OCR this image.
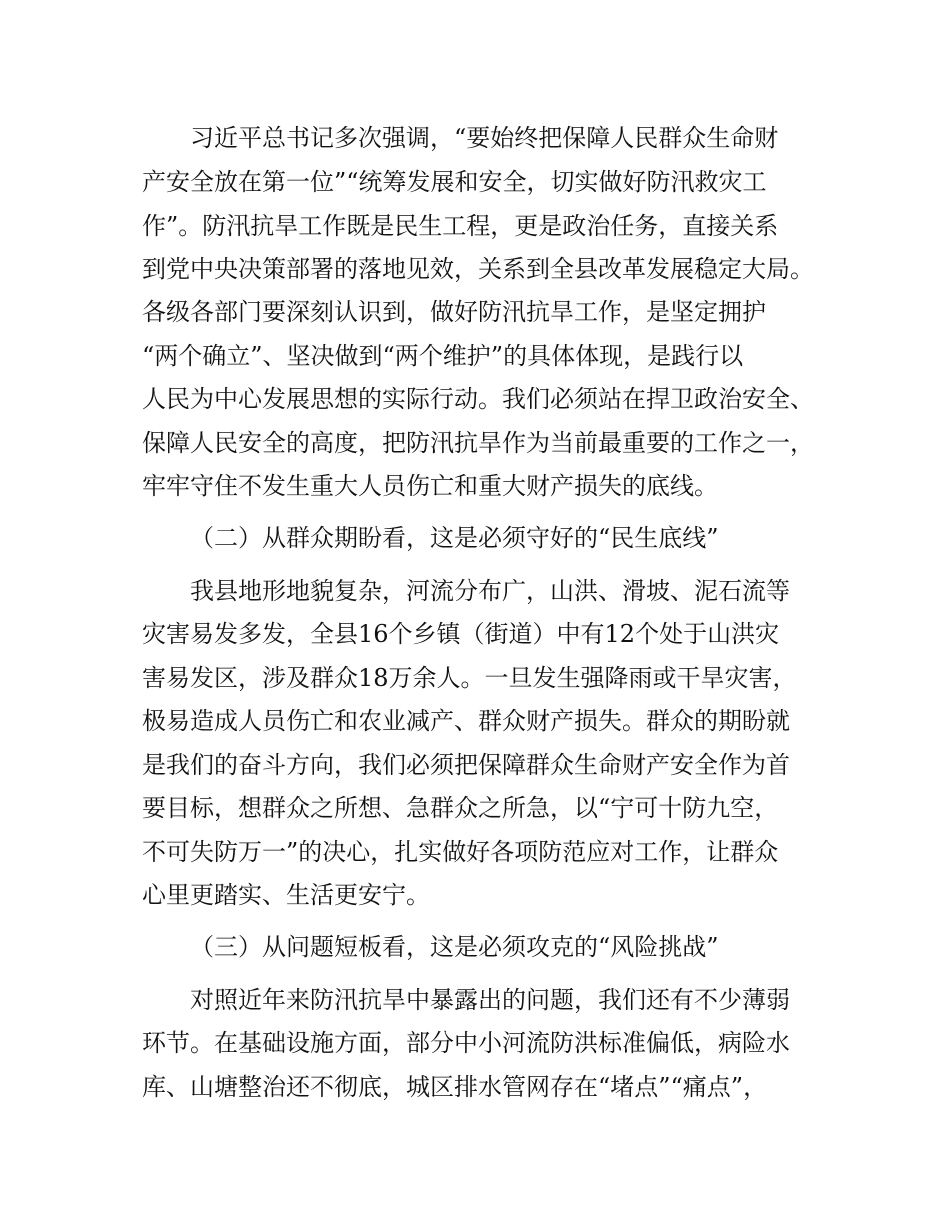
习近平总书记多次强调，“要始终把保障人民群众生命财
产安全放在第一位”“统筹发展和安全，切实做好防汛救灾工
作”。防汛抗旱工作既是民生工程，更是政治任务，直接关系
到党中央决策部署的落地见效，关系到全县改革发展稳定大局。
各级各部门要深刻认识到，做好防汛抗旱工作，是坚定拥护
“两个确立”、坚决做到“两个维护”的具体体现，是践行以
人民为中心发展思想的实际行动。我们必须站在捍卫政治安全、
保障人民安全的高度，把防汛抗旱作为当前最重要的工作之一，
牢牢守住不发生重大人员伤亡和重大财产损失的底线。
（二）从群众期盼看，这是必须守好的“民生底线”
我县地形地貌复杂，河流分布广，山洪、滑坡、泥石流等
灾害易发多发，全县16个乡镇（街道）中有12个处于山洪灾
害易发区，涉及群众18万余人。一旦发生强降雨或干旱灾害，
极易造成人员伤亡和农业减产、群众财产损失。群众的期盼就
是我们的奋斗方向，我们必须把保障群众生命财产安全作为首
要目标，想群众之所想、急群众之所急，以“宁可十防九空，
不可失防万一”的决心，扎实做好各项防范应对工作，让群众
心里更踏实、生活更安宁。
（三）从问题短板看，这是必须攻克的“风险挑战”
对照近年来防汛抗旱中暴露出的问题，我们还有不少薄弱
环节。在基础设施方面，部分中小河流防洪标准偏低，病险水
库、山塘整治还不彻底，城区排水管网存在“堵点”“痛点”，
